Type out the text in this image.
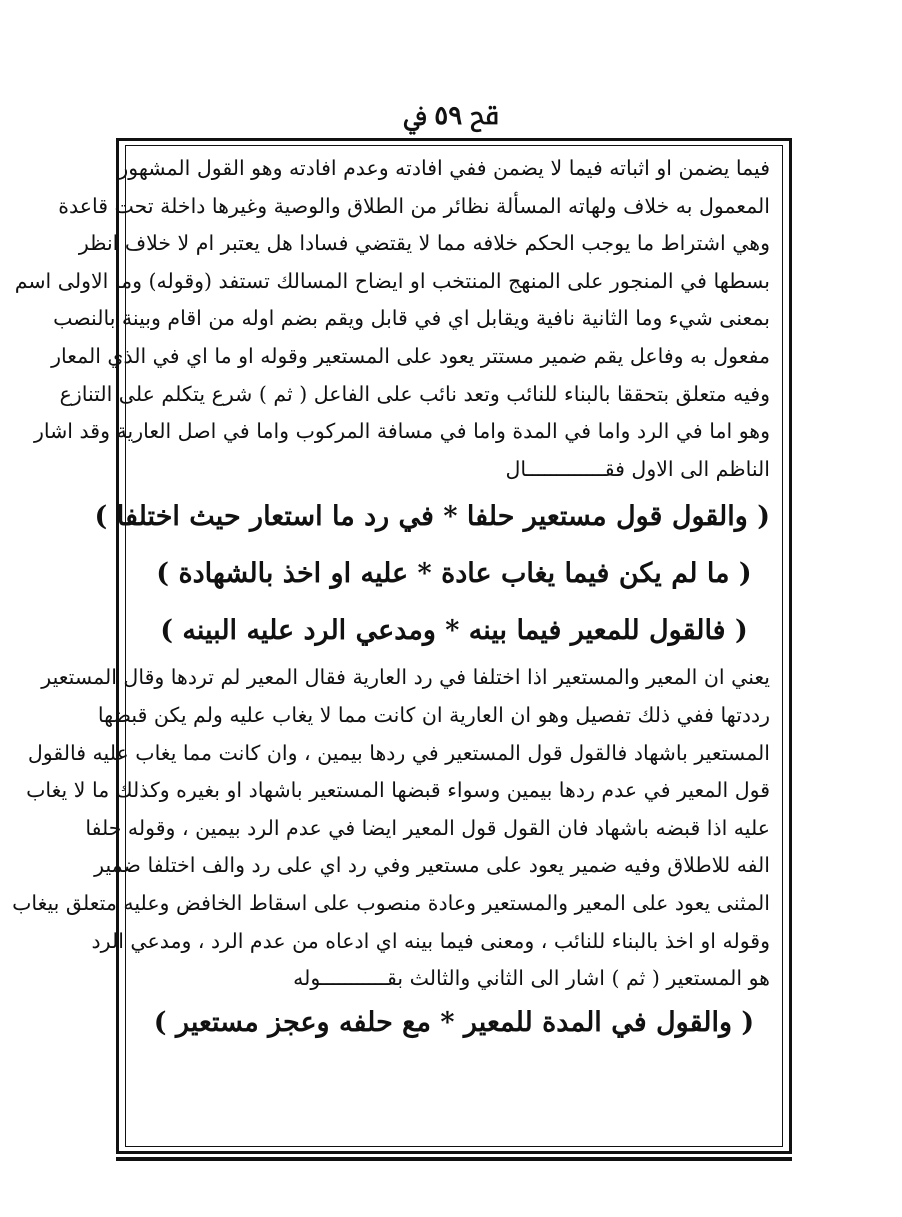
ﰳ
٥٩
ﰲ
فيما يضمن او اثباته فيما لا يضمن ففي افادته وعدم افادته وهو القول المشهور
المعمول به خلاف ولهاته المسألة نظائر من الطلاق والوصية وغيرها داخلة تحت قاعدة
وهي اشتراط ما يوجب الحكم خلافه مما لا يقتضي فسادا هل يعتبر ام لا خلاف انظر
بسطها في المنجور على المنهج المنتخب او ايضاح المسالك تستفد (وقوله) وما الاولى اسم
بمعنى شيء وما الثانية نافية ويقابل اي في قابل ويقم بضم اوله من اقام وبينة بالنصب
مفعول به وفاعل يقم ضمير مستتر يعود على المستعير وقوله او ما اي في الذي المعار
وفيه متعلق بتحققا بالبناء للنائب وتعد نائب على الفاعل ( ثم ) شرع يتكلم على التنازع
وهو اما في الرد واما في المدة واما في مسافة المركوب واما في اصل العارية وقد اشار
الناظم الى الاول فقـــــــــــــال
( والقول قول مستعير حلفا * في رد ما استعار حيث اختلفا )
( ما لم يكن فيما يغاب عادة * عليه او اخذ بالشهادة )
( فالقول للمعير فيما بينه * ومدعي الرد عليه البينه )
يعني ان المعير والمستعير اذا اختلفا في رد العارية فقال المعير لم تردها وقال المستعير
رددتها ففي ذلك تفصيل وهو ان العارية ان كانت مما لا يغاب عليه ولم يكن قبضها
المستعير باشهاد فالقول قول المستعير في ردها بيمين ، وان كانت مما يغاب عليه فالقول
قول المعير في عدم ردها بيمين وسواء قبضها المستعير باشهاد او بغيره وكذلك ما لا يغاب
عليه اذا قبضه باشهاد فان القول قول المعير ايضا في عدم الرد بيمين ، وقوله حلفا
الفه للاطلاق وفيه ضمير يعود على مستعير وفي رد اي على رد والف اختلفا ضمير
المثنى يعود على المعير والمستعير وعادة منصوب على اسقاط الخافض وعليه متعلق بيغاب
وقوله او اخذ بالبناء للنائب ، ومعنى فيما بينه اي ادعاه من عدم الرد ، ومدعي الرد
هو المستعير ( ثم ) اشار الى الثاني والثالث بقـــــــــــوله
( والقول في المدة للمعير * مع حلفه وعجز مستعير )
